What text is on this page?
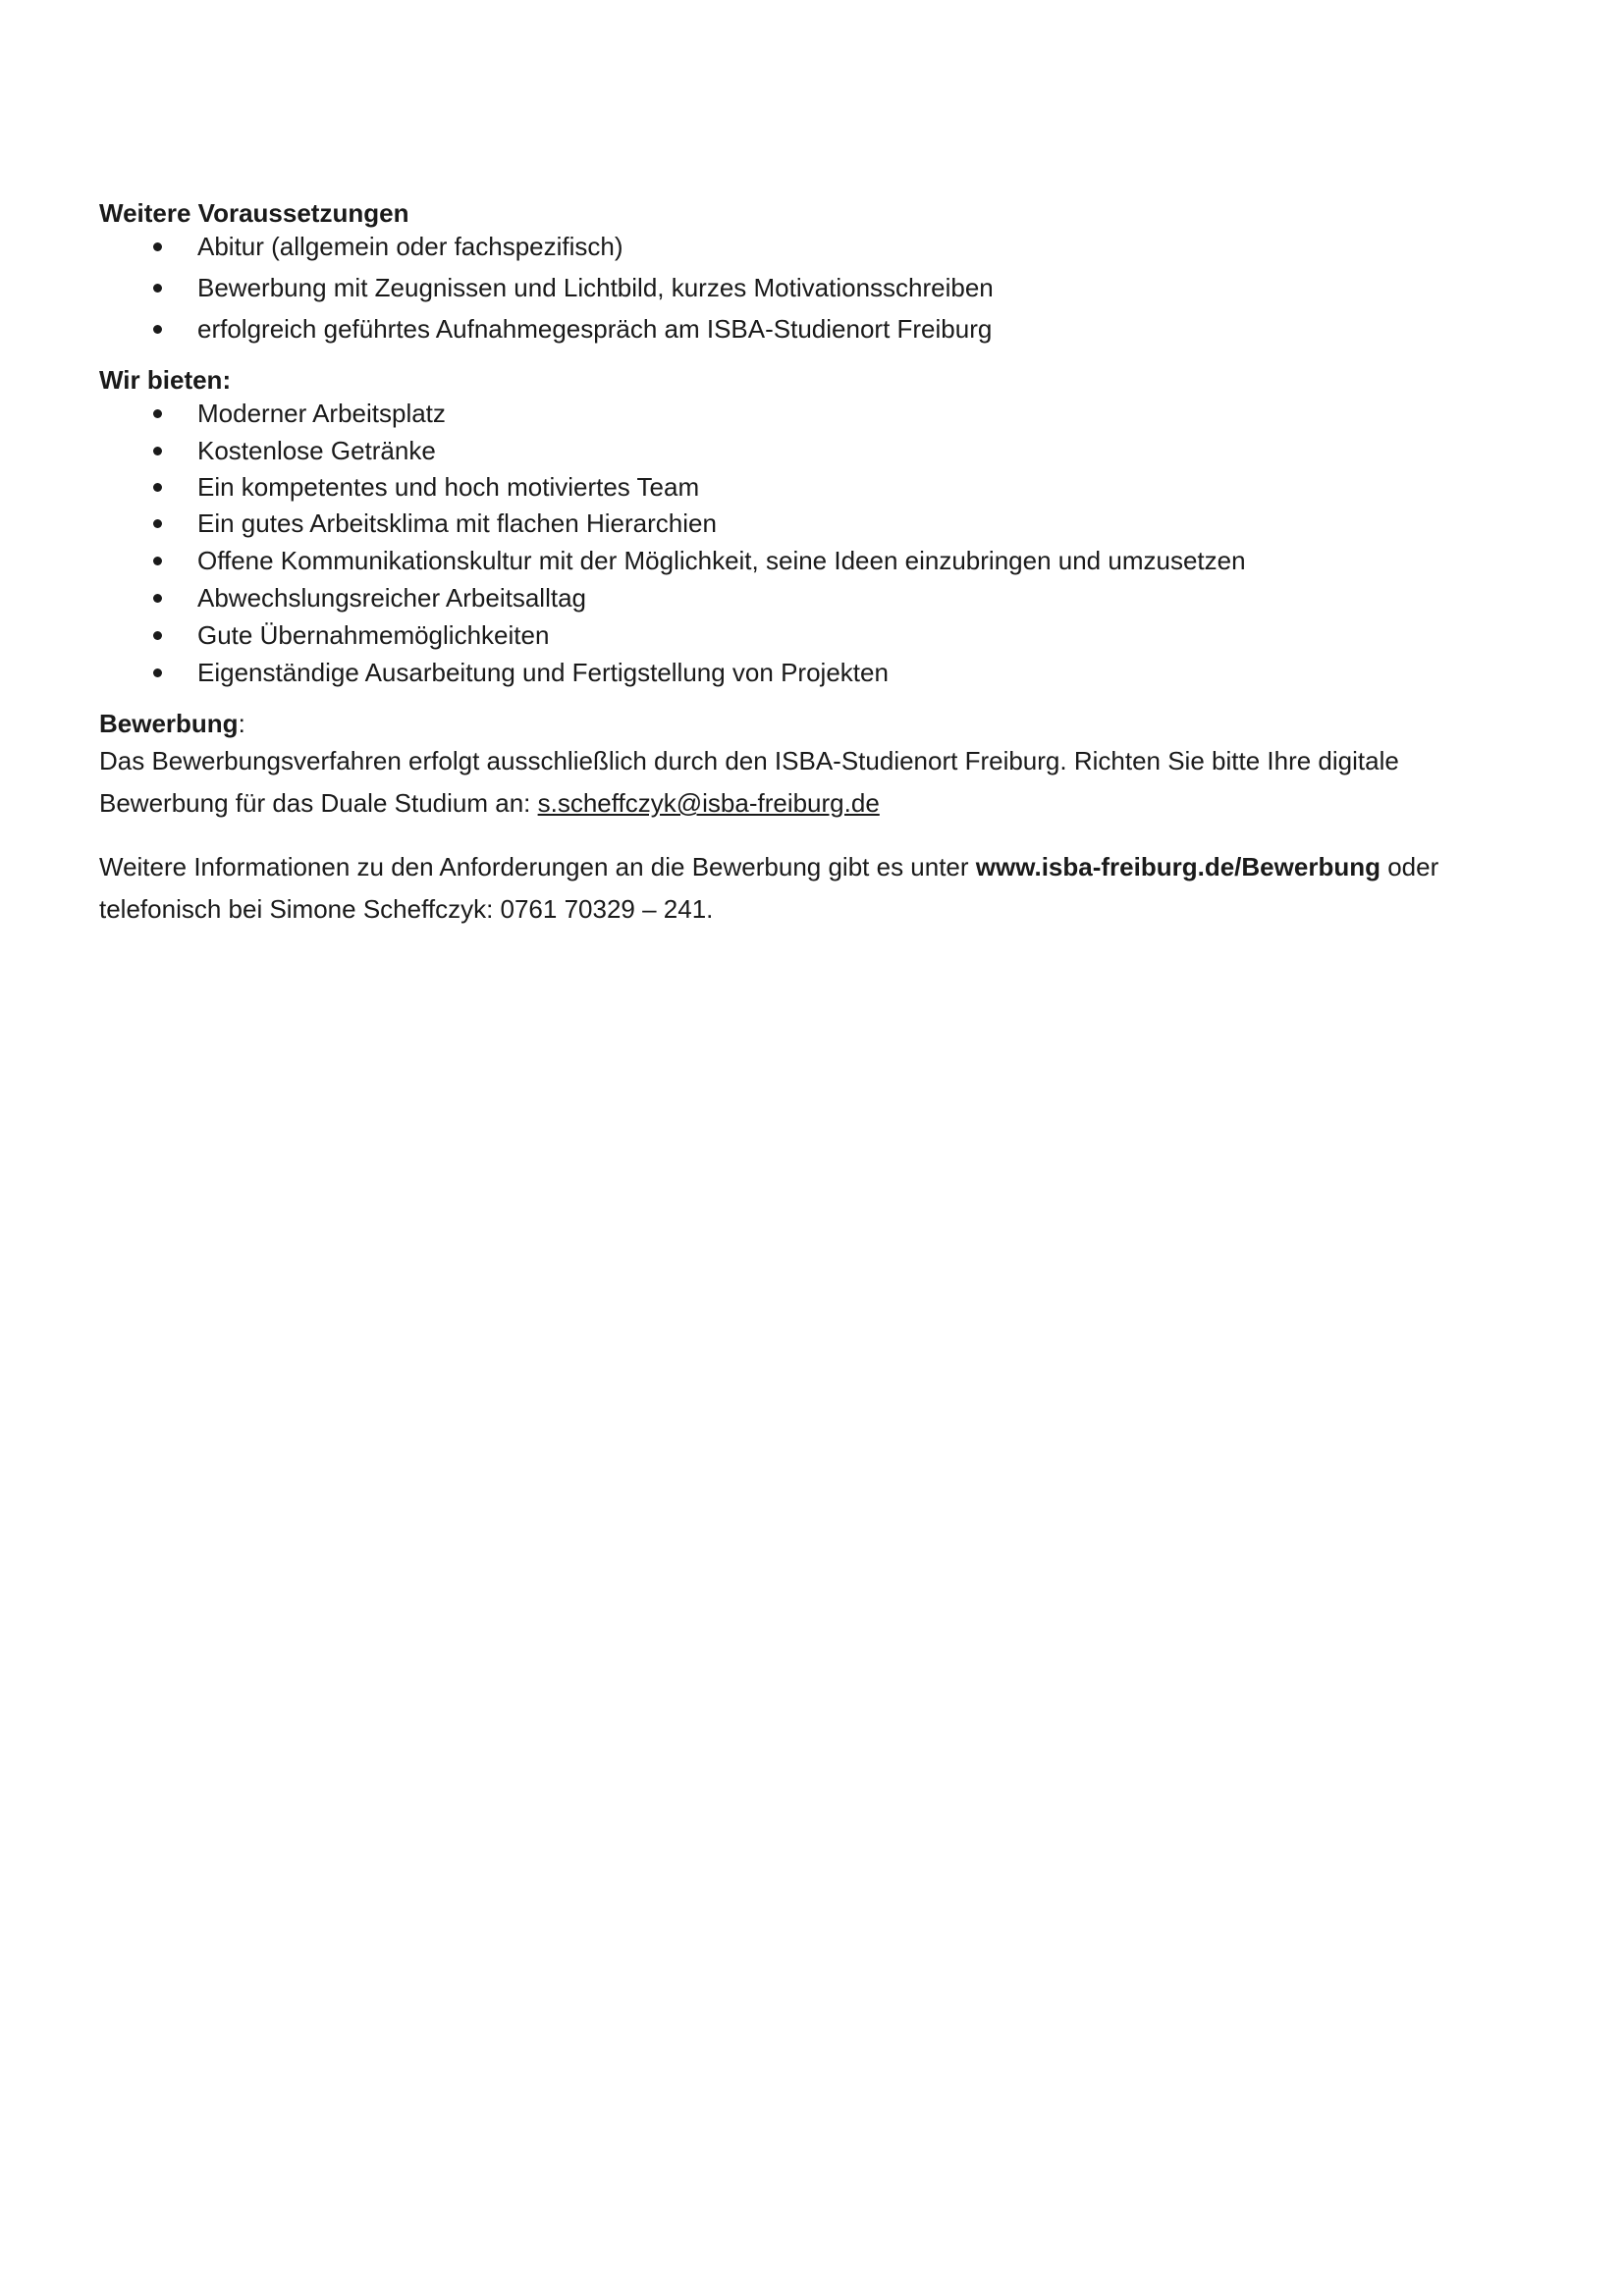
Weitere Voraussetzungen
Abitur (allgemein oder fachspezifisch)
Bewerbung mit Zeugnissen und Lichtbild, kurzes Motivationsschreiben
erfolgreich geführtes Aufnahmegespräch am ISBA-Studienort Freiburg
Wir bieten:
Moderner Arbeitsplatz
Kostenlose Getränke
Ein kompetentes und hoch motiviertes Team
Ein gutes Arbeitsklima mit flachen Hierarchien
Offene Kommunikationskultur mit der Möglichkeit, seine Ideen einzubringen und umzusetzen
Abwechslungsreicher Arbeitsalltag
Gute Übernahmemöglichkeiten
Eigenständige Ausarbeitung und Fertigstellung von Projekten
Bewerbung:

Das Bewerbungsverfahren erfolgt ausschließlich durch den ISBA-Studienort Freiburg. Richten Sie bitte Ihre digitale
Bewerbung für das Duale Studium an: s.scheffczyk@isba-freiburg.de

Weitere Informationen zu den Anforderungen an die Bewerbung gibt es unter www.isba-freiburg.de/Bewerbung oder
telefonisch bei Simone Scheffczyk: 0761 70329 – 241.
